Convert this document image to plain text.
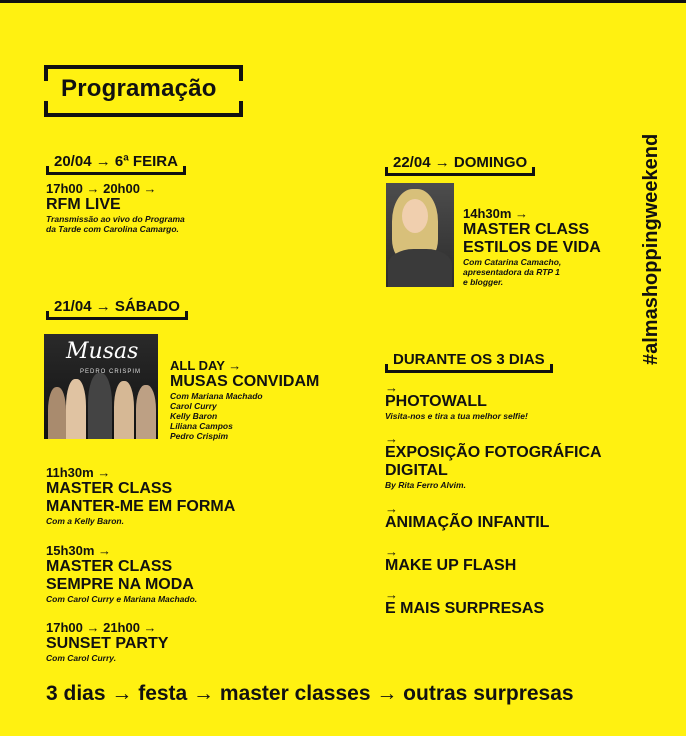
Programação
#almashoppingweekend
20/04 → 6ª FEIRA
17h00 → 20h00 →
RFM LIVE
Transmissão ao vivo do Programa
da Tarde com Carolina Camargo.
21/04 → SÁBADO
Musas
PEDRO CRISPIM ALL DAY →
MUSAS CONVIDAM
Com Mariana Machado
Carol Curry
Kelly Baron
Liliana Campos
Pedro Crispim
11h30m →
MASTER CLASS
MANTER-ME EM FORMA
Com a Kelly Baron.
15h30m →
MASTER CLASS
SEMPRE NA MODA
Com Carol Curry e Mariana Machado.
17h00 → 21h00 →
SUNSET PARTY
Com Carol Curry.
22/04 → DOMINGO
14h30m →
MASTER CLASS
ESTILOS DE VIDA
Com Catarina Camacho,
apresentadora da RTP 1
e blogger.
DURANTE OS 3 DIAS
→
PHOTOWALL
Visita-nos e tira a tua melhor selfie!
→
EXPOSIÇÃO FOTOGRÁFICA
DIGITAL
By Rita Ferro Alvim.
→
ANIMAÇÃO INFANTIL
→
MAKE UP FLASH
→
E MAIS SURPRESAS
3 dias → festa → master classes → outras surpresas
